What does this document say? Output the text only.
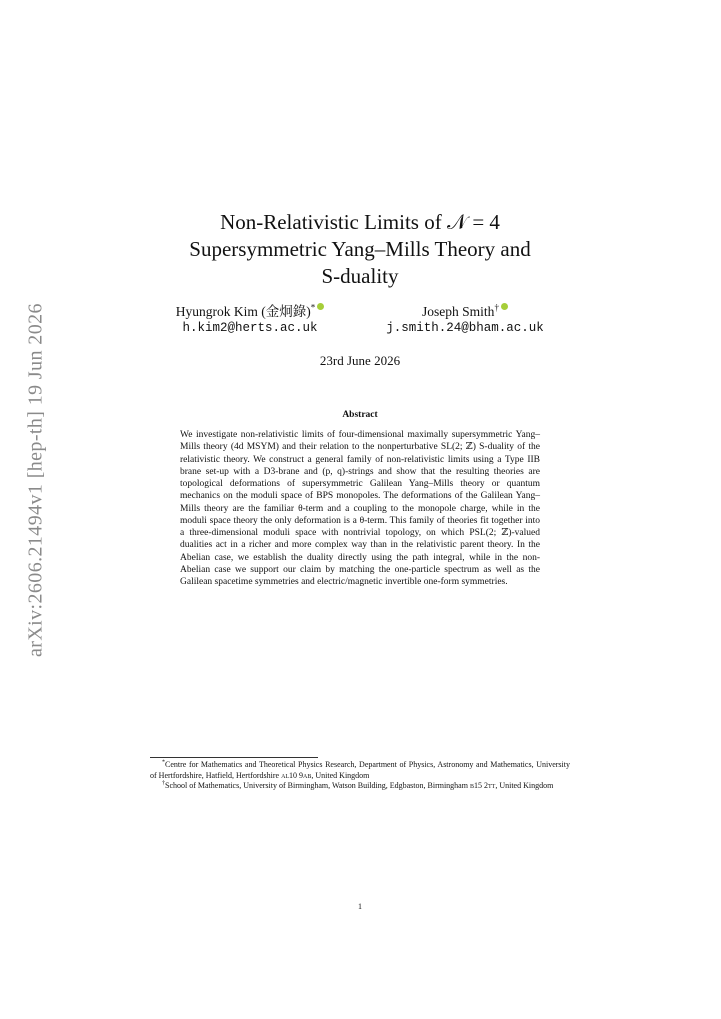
arXiv:2606.21494v1 [hep-th] 19 Jun 2026
Non-Relativistic Limits of 𝒩 = 4
Supersymmetric Yang–Mills Theory and
S-duality
Hyungrok Kim (金炯錄)*
h.kim2@herts.ac.uk
Joseph Smith†
j.smith.24@bham.ac.uk
23rd June 2026
Abstract
We investigate non-relativistic limits of four-dimensional maximally supersymmetric Yang–Mills theory (4d MSYM) and their relation to the nonperturbative SL(2; ℤ) S-duality of the relativistic theory. We construct a general family of non-relativistic limits using a Type IIB brane set-up with a D3-brane and (p, q)-strings and show that the resulting theories are topological deformations of supersymmetric Galilean Yang–Mills theory or quantum mechanics on the moduli space of BPS monopoles. The deformations of the Galilean Yang–Mills theory are the familiar θ-term and a coupling to the monopole charge, while in the moduli space theory the only deformation is a θ-term. This family of theories fit together into a three-dimensional moduli space with nontrivial topology, on which PSL(2; ℤ)-valued dualities act in a richer and more complex way than in the relativistic parent theory. In the Abelian case, we establish the duality directly using the path integral, while in the non-Abelian case we support our claim by matching the one-particle spectrum as well as the Galilean spacetime symmetries and electric/magnetic invertible one-form symmetries.

*Centre for Mathematics and Theoretical Physics Research, Department of Physics, Astronomy and Mathematics, University of Hertfordshire, Hatfield, Hertfordshire al10 9ab, United Kingdom

†School of Mathematics, University of Birmingham, Watson Building, Edgbaston, Birmingham b15 2tt, United Kingdom

1
